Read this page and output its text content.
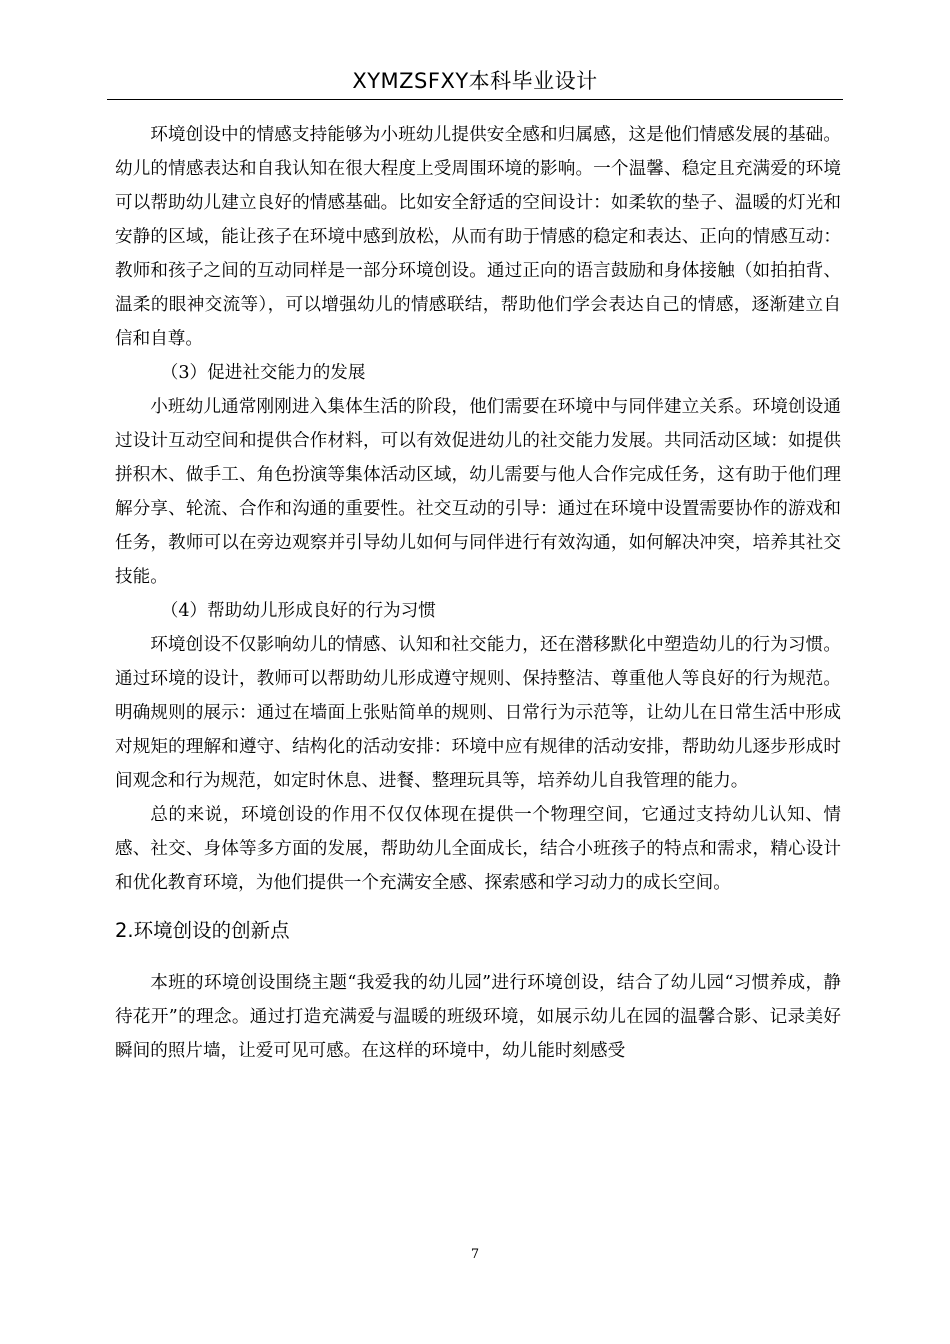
XYMZSFXY本科毕业设计

环境创设中的情感支持能够为小班幼儿提供安全感和归属感，这是他们情感发展的基础。幼儿的情感表达和自我认知在很大程度上受周围环境的影响。一个温馨、稳定且充满爱的环境可以帮助幼儿建立良好的情感基础。比如安全舒适的空间设计：如柔软的垫子、温暖的灯光和安静的区域，能让孩子在环境中感到放松，从而有助于情感的稳定和表达、正向的情感互动：教师和孩子之间的互动同样是一部分环境创设。通过正向的语言鼓励和身体接触（如拍拍背、温柔的眼神交流等），可以增强幼儿的情感联结，帮助他们学会表达自己的情感，逐渐建立自信和自尊。

（3）促进社交能力的发展

小班幼儿通常刚刚进入集体生活的阶段，他们需要在环境中与同伴建立关系。环境创设通过设计互动空间和提供合作材料，可以有效促进幼儿的社交能力发展。共同活动区域：如提供拼积木、做手工、角色扮演等集体活动区域，幼儿需要与他人合作完成任务，这有助于他们理解分享、轮流、合作和沟通的重要性。社交互动的引导：通过在环境中设置需要协作的游戏和任务，教师可以在旁边观察并引导幼儿如何与同伴进行有效沟通，如何解决冲突，培养其社交技能。

（4）帮助幼儿形成良好的行为习惯

环境创设不仅影响幼儿的情感、认知和社交能力，还在潜移默化中塑造幼儿的行为习惯。通过环境的设计，教师可以帮助幼儿形成遵守规则、保持整洁、尊重他人等良好的行为规范。明确规则的展示：通过在墙面上张贴简单的规则、日常行为示范等，让幼儿在日常生活中形成对规矩的理解和遵守、结构化的活动安排：环境中应有规律的活动安排，帮助幼儿逐步形成时间观念和行为规范，如定时休息、进餐、整理玩具等，培养幼儿自我管理的能力。

总的来说，环境创设的作用不仅仅体现在提供一个物理空间，它通过支持幼儿认知、情感、社交、身体等多方面的发展，帮助幼儿全面成长，结合小班孩子的特点和需求，精心设计和优化教育环境，为他们提供一个充满安全感、探索感和学习动力的成长空间。

2.环境创设的创新点

本班的环境创设围绕主题“我爱我的幼儿园”进行环境创设，结合了幼儿园“习惯养成，静待花开”的理念。通过打造充满爱与温暖的班级环境，如展示幼儿在园的温馨合影、记录美好瞬间的照片墙，让爱可见可感。在这样的环境中，幼儿能时刻感受

7
